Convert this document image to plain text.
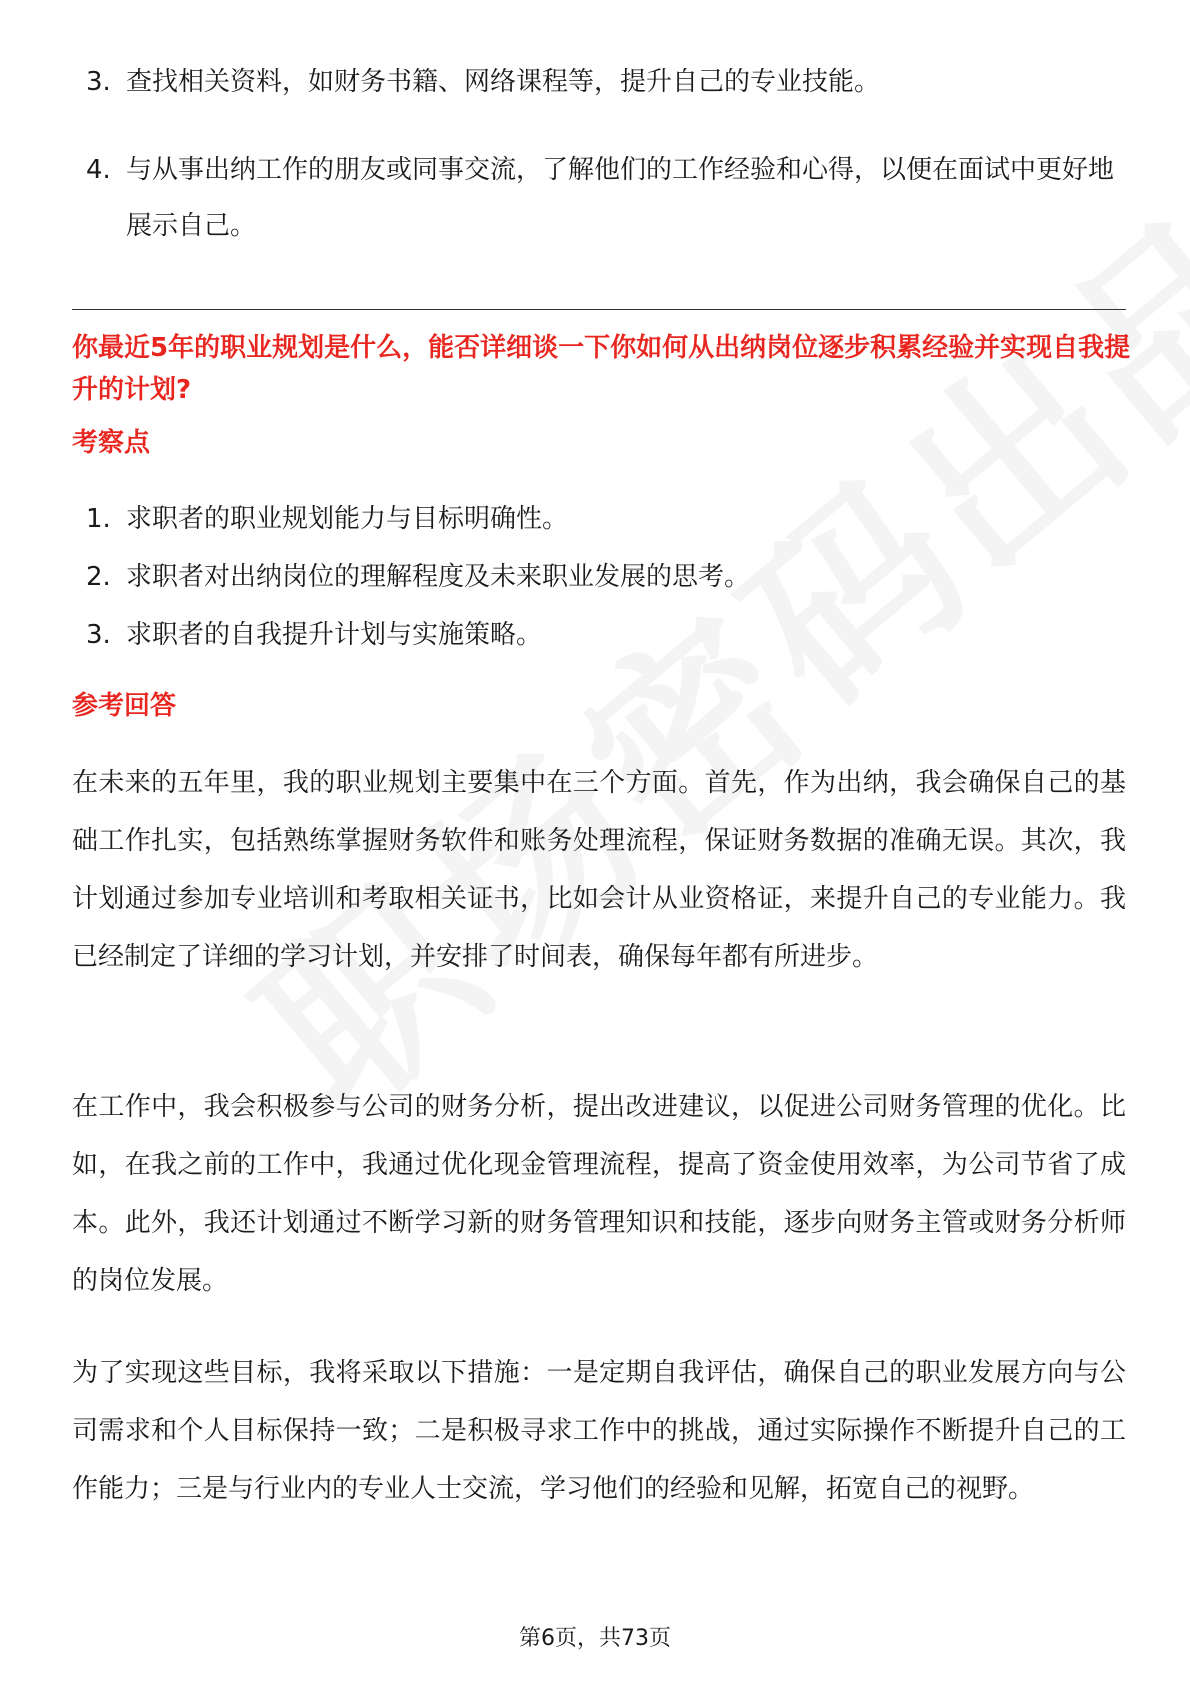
3. 查找相关资料，如财务书籍、网络课程等，提升自己的专业技能。
4. 与从事出纳工作的朋友或同事交流，了解他们的工作经验和心得，以便在面试中更好地展示自己。
你最近5年的职业规划是什么，能否详细谈一下你如何从出纳岗位逐步积累经验并实现自我提升的计划?
考察点
1. 求职者的职业规划能力与目标明确性。
2. 求职者对出纳岗位的理解程度及未来职业发展的思考。
3. 求职者的自我提升计划与实施策略。
参考回答

在未来的五年里，我的职业规划主要集中在三个方面。首先，作为出纳，我会确保自己的基础工作扎实，包括熟练掌握财务软件和账务处理流程，保证财务数据的准确无误。其次，我计划通过参加专业培训和考取相关证书，比如会计从业资格证，来提升自己的专业能力。我已经制定了详细的学习计划，并安排了时间表，确保每年都有所进步。

在工作中，我会积极参与公司的财务分析，提出改进建议，以促进公司财务管理的优化。比如，在我之前的工作中，我通过优化现金管理流程，提高了资金使用效率，为公司节省了成本。此外，我还计划通过不断学习新的财务管理知识和技能，逐步向财务主管或财务分析师的岗位发展。

为了实现这些目标，我将采取以下措施：一是定期自我评估，确保自己的职业发展方向与公司需求和个人目标保持一致；二是积极寻求工作中的挑战，通过实际操作不断提升自己的工作能力；三是与行业内的专业人士交流，学习他们的经验和见解，拓宽自己的视野。

第6页，共73页
